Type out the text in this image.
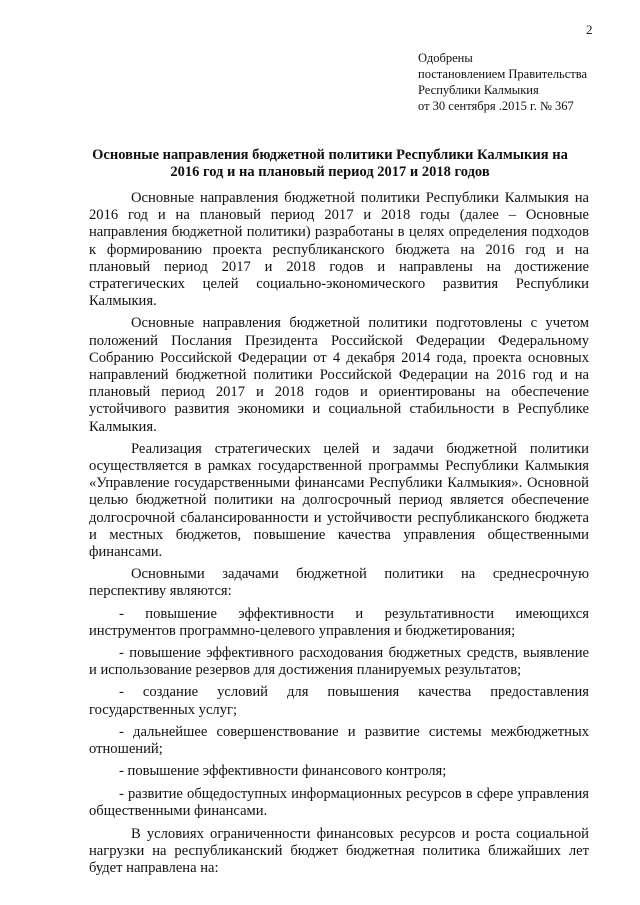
2
Одобрены
постановлением Правительства
Республики Калмыкия
от 30 сентября .2015 г. № 367
Основные направления бюджетной политики Республики Калмыкия на
2016 год и на плановый период 2017 и 2018 годов

Основные направления бюджетной политики Республики Калмыкия на 2016 год и на плановый период 2017 и 2018 годы (далее – Основные направления бюджетной политики) разработаны в целях определения подходов к формированию проекта республиканского бюджета на 2016 год и на плановый период 2017 и 2018 годов и направлены на достижение стратегических целей социально-экономического развития Республики Калмыкия.

Основные направления бюджетной политики подготовлены с учетом положений Послания Президента Российской Федерации Федеральному Собранию Российской Федерации от 4 декабря 2014 года, проекта основных направлений бюджетной политики Российской Федерации на 2016 год и на плановый период 2017 и 2018 годов и ориентированы на обеспечение устойчивого развития экономики и социальной стабильности в Республике Калмыкия.

Реализация стратегических целей и задачи бюджетной политики осуществляется в рамках государственной программы Республики Калмыкия «Управление государственными финансами Республики Калмыкия». Основной целью бюджетной политики на долгосрочный период является обеспечение долгосрочной сбалансированности и устойчивости республиканского бюджета и местных бюджетов, повышение качества управления общественными финансами.

Основными задачами бюджетной политики на среднесрочную перспективу являются:

- повышение эффективности и результативности имеющихся инструментов программно-целевого управления и бюджетирования;

- повышение эффективного расходования бюджетных средств, выявление и использование резервов для достижения планируемых результатов;

- создание условий для повышения качества предоставления государственных услуг;

- дальнейшее совершенствование и развитие системы межбюджетных отношений;

- повышение эффективности финансового контроля;

- развитие общедоступных информационных ресурсов в сфере управления общественными финансами.

В условиях ограниченности финансовых ресурсов и роста социальной нагрузки на республиканский бюджет бюджетная политика ближайших лет будет направлена на:
